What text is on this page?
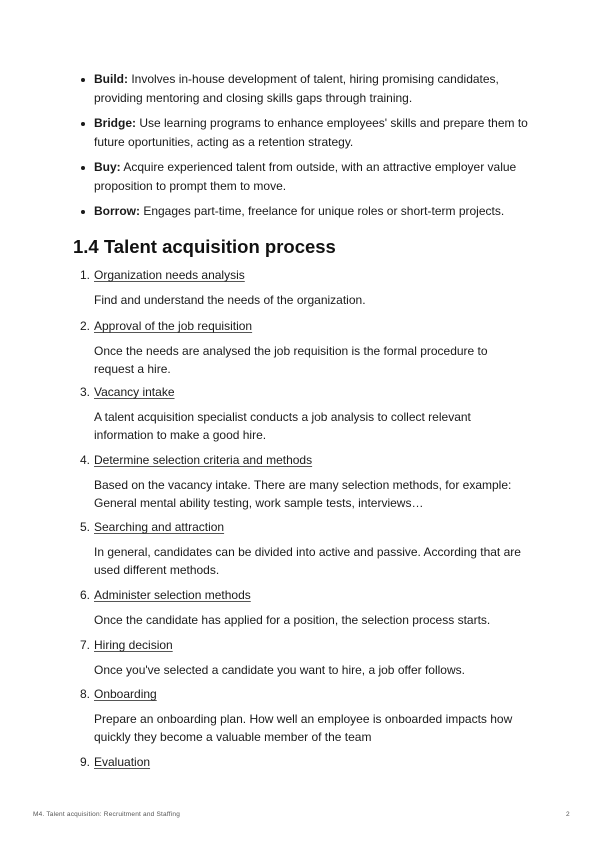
Build: Involves in-house development of talent, hiring promising candidates, providing mentoring and closing skills gaps through training.
Bridge: Use learning programs to enhance employees' skills and prepare them to future oportunities, acting as a retention strategy.
Buy: Acquire experienced talent from outside, with an attractive employer value proposition to prompt them to move.
Borrow: Engages part-time, freelance for unique roles or short-term projects.
1.4 Talent acquisition process
1. Organization needs analysis
Find and understand the needs of the organization.
2. Approval of the job requisition
Once the needs are analysed the job requisition is the formal procedure to request a hire.
3. Vacancy intake
A talent acquisition specialist conducts a job analysis to collect relevant information to make a good hire.
4. Determine selection criteria and methods
Based on the vacancy intake. There are many selection methods, for example: General mental ability testing, work sample tests, interviews…
5. Searching and attraction
In general, candidates can be divided into active and passive. According that are used different methods.
6. Administer selection methods
Once the candidate has applied for a position, the selection process starts.
7. Hiring decision
Once you've selected a candidate you want to hire, a job offer follows.
8. Onboarding
Prepare an onboarding plan. How well an employee is onboarded impacts how quickly they become a valuable member of the team
9. Evaluation
M4. Talent acquisition: Recruitment and Staffing	2
